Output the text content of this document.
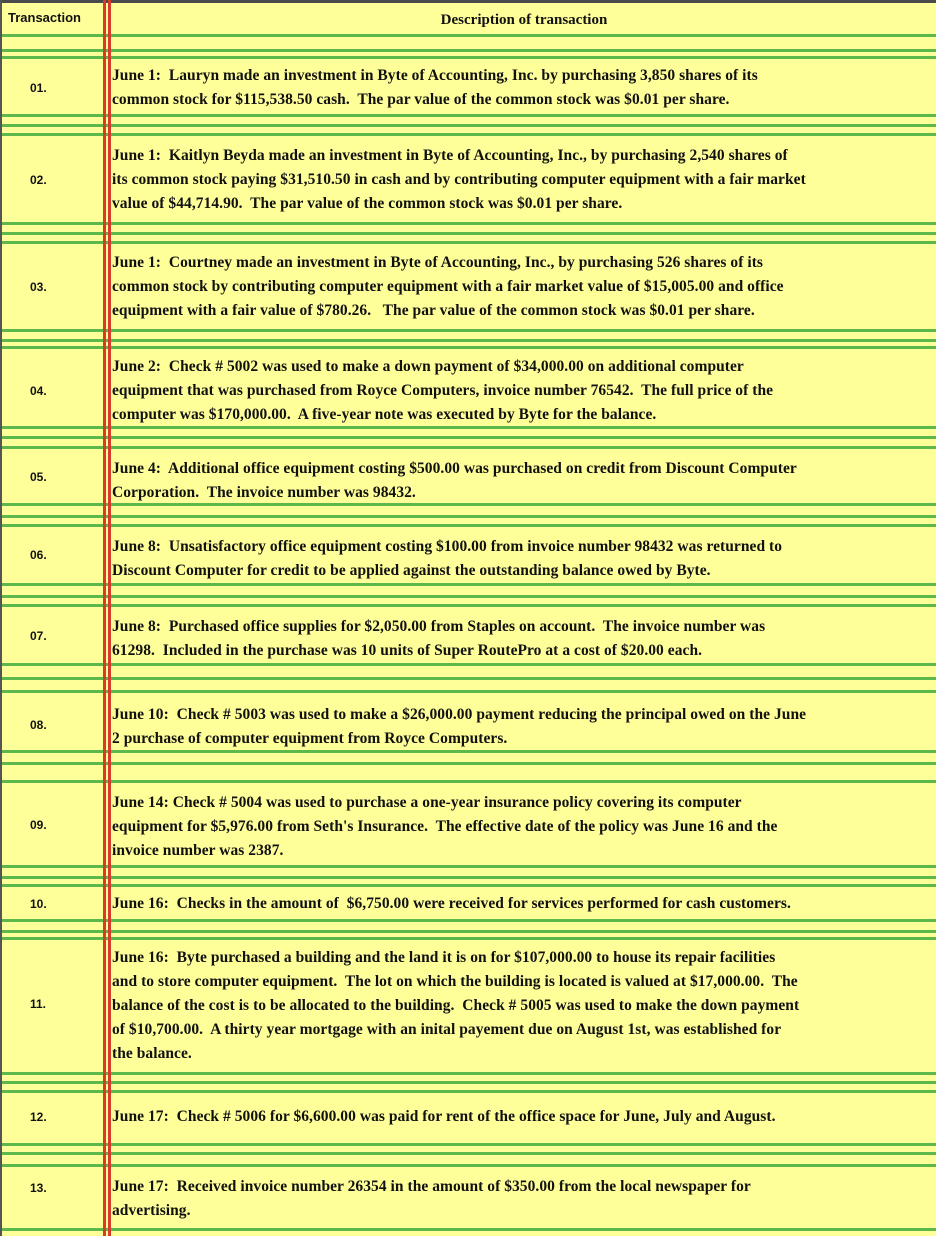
Transaction	Description of transaction
01.
June 1:  Lauryn made an investment in Byte of Accounting, Inc. by purchasing 3,850 shares of its
common stock for $115,538.50 cash.  The par value of the common stock was $0.01 per share.
02.
June 1:  Kaitlyn Beyda made an investment in Byte of Accounting, Inc., by purchasing 2,540 shares of
its common stock paying $31,510.50 in cash and by contributing computer equipment with a fair market
value of $44,714.90.  The par value of the common stock was $0.01 per share.
03.
June 1:  Courtney made an investment in Byte of Accounting, Inc., by purchasing 526 shares of its
common stock by contributing computer equipment with a fair market value of $15,005.00 and office
equipment with a fair value of $780.26.   The par value of the common stock was $0.01 per share.
04.
June 2:  Check # 5002 was used to make a down payment of $34,000.00 on additional computer
equipment that was purchased from Royce Computers, invoice number 76542.  The full price of the
computer was $170,000.00.  A five-year note was executed by Byte for the balance.
05.	June 4:  Additional office equipment costing $500.00 was purchased on credit from Discount Computer
Corporation.  The invoice number was 98432.
06.	June 8:  Unsatisfactory office equipment costing $100.00 from invoice number 98432 was returned to
Discount Computer for credit to be applied against the outstanding balance owed by Byte.
07.
June 8:  Purchased office supplies for $2,050.00 from Staples on account.  The invoice number was
61298.  Included in the purchase was 10 units of Super RoutePro at a cost of $20.00 each.
08.
June 10:  Check # 5003 was used to make a $26,000.00 payment reducing the principal owed on the June
2 purchase of computer equipment from Royce Computers.
09.
June 14: Check # 5004 was used to purchase a one-year insurance policy covering its computer
equipment for $5,976.00 from Seth's Insurance.  The effective date of the policy was June 16 and the
invoice number was 2387.
10.	June 16:  Checks in the amount of  $6,750.00 were received for services performed for cash customers.
11.
June 16:  Byte purchased a building and the land it is on for $107,000.00 to house its repair facilities
and to store computer equipment.  The lot on which the building is located is valued at $17,000.00.  The
balance of the cost is to be allocated to the building.  Check # 5005 was used to make the down payment
of $10,700.00.  A thirty year mortgage with an inital payement due on August 1st, was established for
the balance.
12.	June 17:  Check # 5006 for $6,600.00 was paid for rent of the office space for June, July and August.
13.	June 17:  Received invoice number 26354 in the amount of $350.00 from the local newspaper for
advertising.
